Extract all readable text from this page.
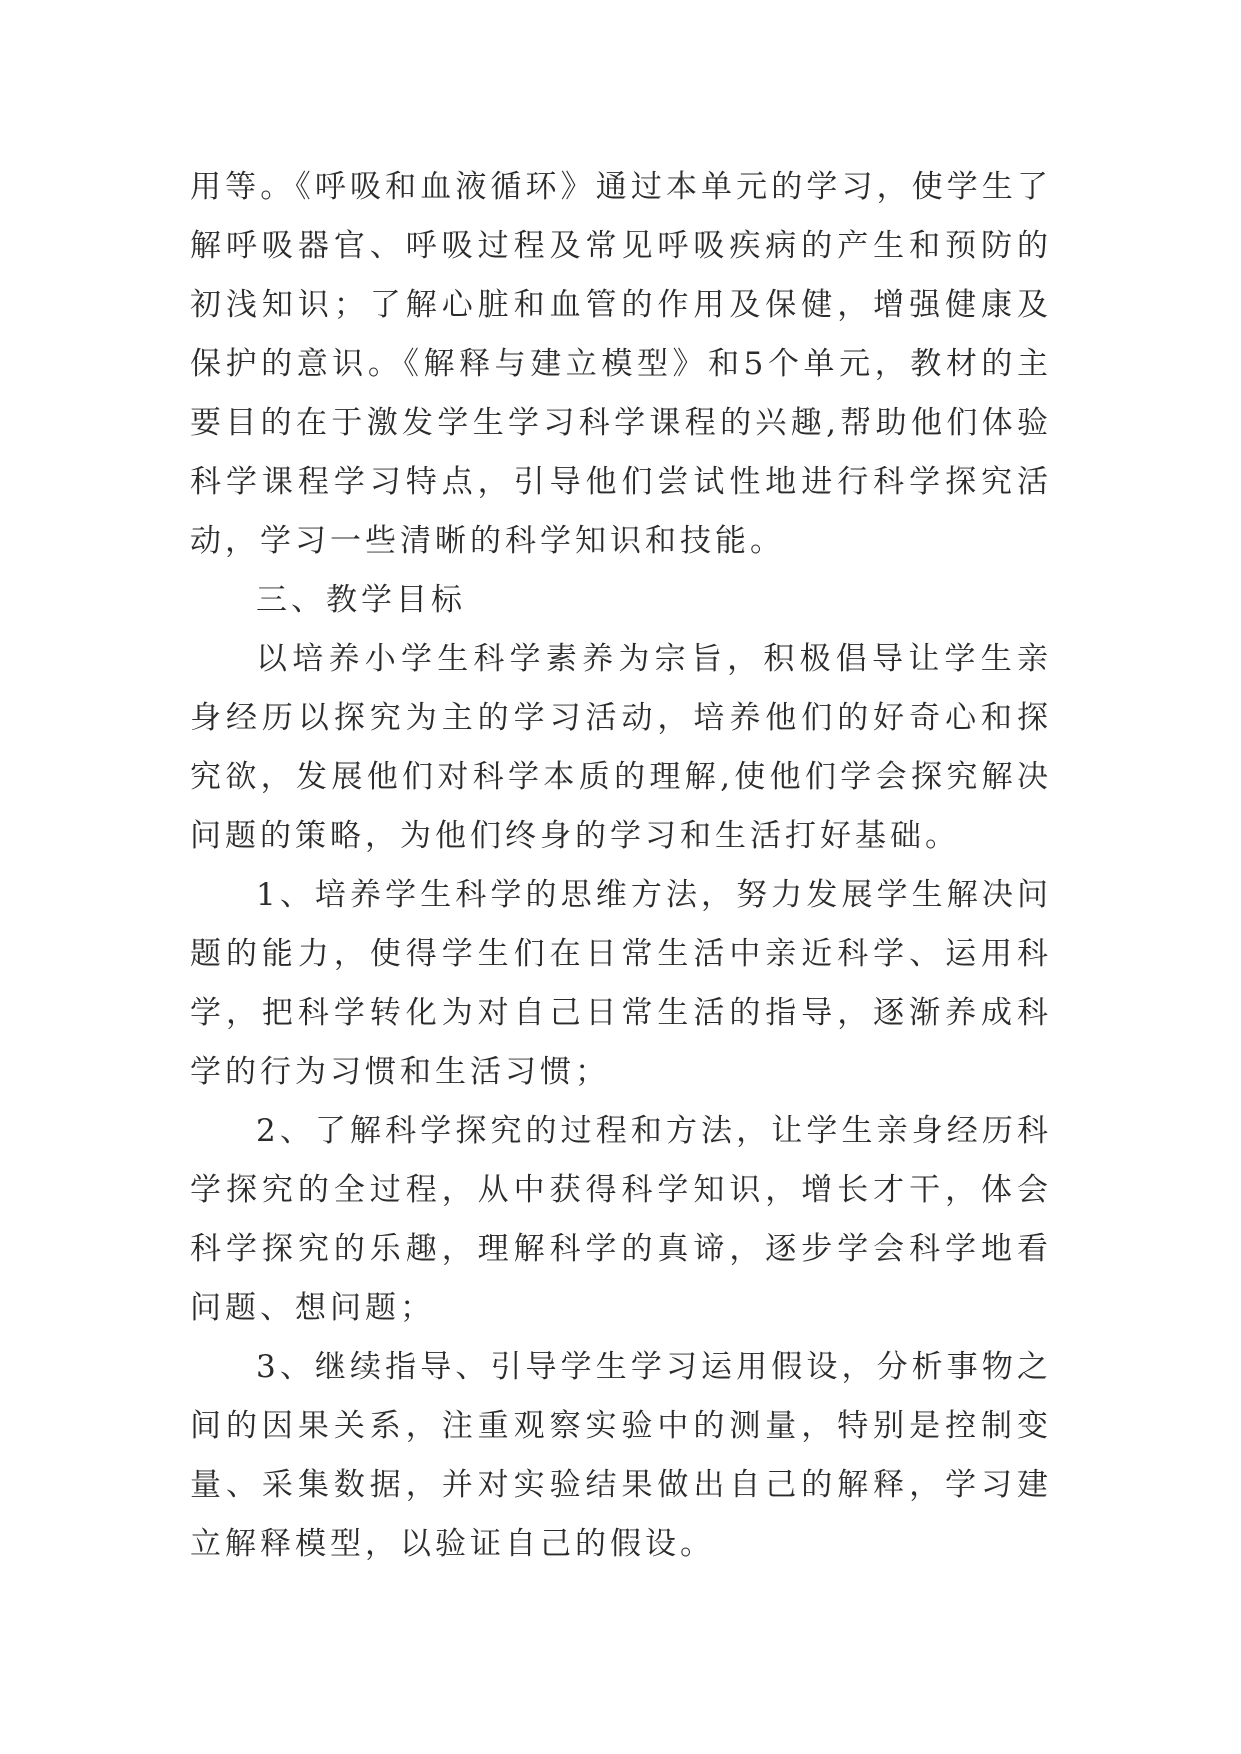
用等。《呼吸和血液循环》通过本单元的学习，使学生了解呼吸器官、呼吸过程及常见呼吸疾病的产生和预防的初浅知识；了解心脏和血管的作用及保健，增强健康及保护的意识。《解释与建立模型》和5个单元，教材的主要目的在于激发学生学习科学课程的兴趣,帮助他们体验科学课程学习特点，引导他们尝试性地进行科学探究活动，学习一些清晰的科学知识和技能。

三、教学目标

以培养小学生科学素养为宗旨，积极倡导让学生亲身经历以探究为主的学习活动，培养他们的好奇心和探究欲，发展他们对科学本质的理解,使他们学会探究解决问题的策略，为他们终身的学习和生活打好基础。

1、培养学生科学的思维方法，努力发展学生解决问题的能力，使得学生们在日常生活中亲近科学、运用科学，把科学转化为对自己日常生活的指导，逐渐养成科学的行为习惯和生活习惯；

2、了解科学探究的过程和方法，让学生亲身经历科学探究的全过程，从中获得科学知识，增长才干，体会科学探究的乐趣，理解科学的真谛，逐步学会科学地看问题、想问题；

3、继续指导、引导学生学习运用假设，分析事物之间的因果关系，注重观察实验中的测量，特别是控制变量、采集数据，并对实验结果做出自己的解释，学习建立解释模型，以验证自己的假设。
